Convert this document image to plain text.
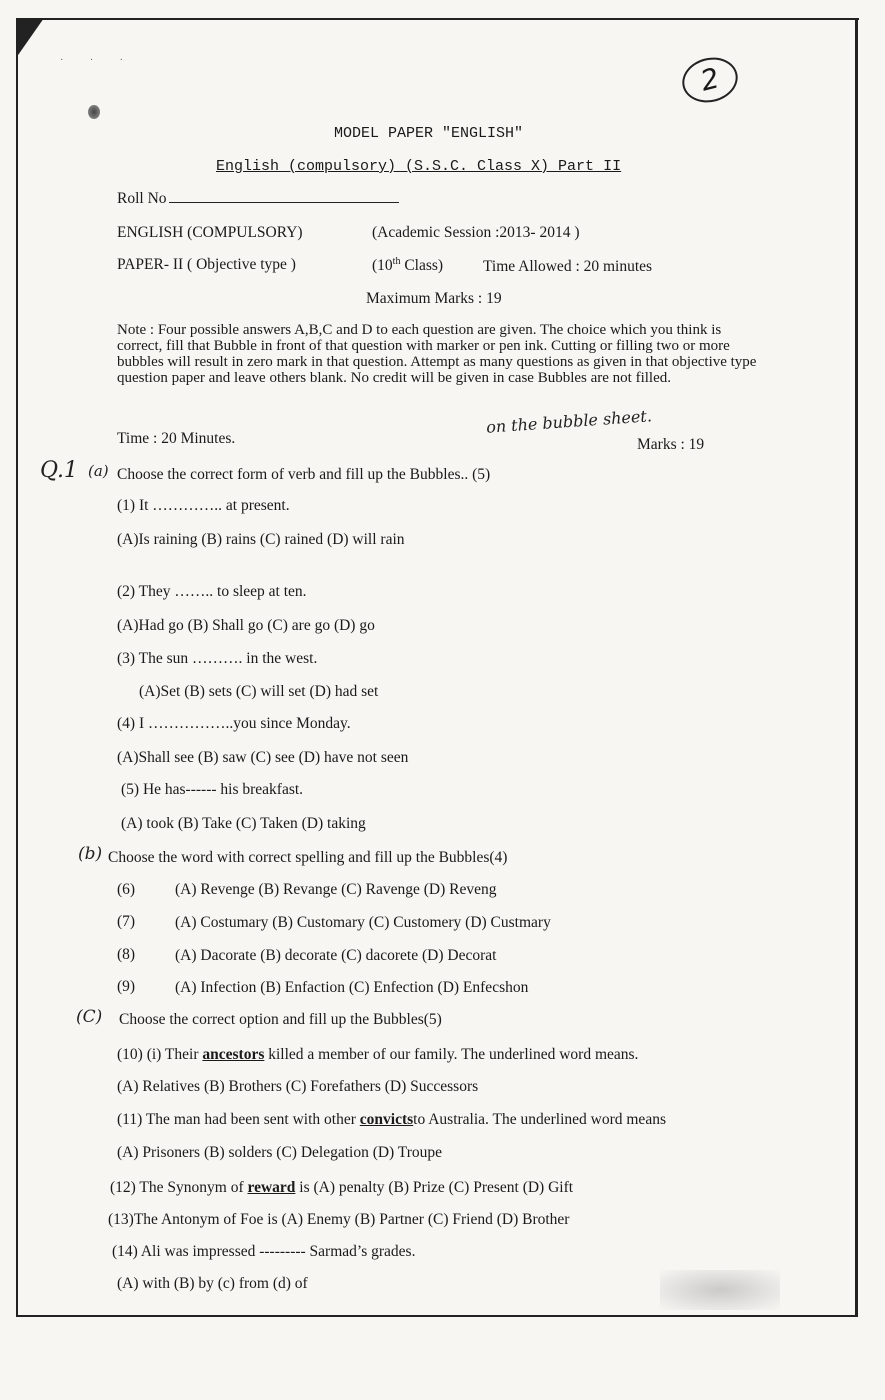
· · ·
2
MODEL PAPER "ENGLISH"
English (compulsory) (S.S.C. Class X) Part II
Roll No
ENGLISH (COMPULSORY)	(Academic Session :2013- 2014 )
PAPER- II ( Objective type )	(10th Class)	Time Allowed : 20 minutes
Maximum Marks : 19
Note : Four possible answers A,B,C and D to each question are given. The choice which you think is correct, fill that Bubble in front of that question with marker or pen ink. Cutting or filling two or more bubbles will result in zero mark in that question. Attempt as many questions as given in that objective type question paper and leave others blank. No credit will be given in case Bubbles are not filled.
on the bubble sheet.
Time : 20 Minutes.	Marks : 19
Q.1 (a) Choose the correct form of verb and fill up the Bubbles.. (5)
(1) It ………….. at present.
(A)Is raining (B) rains (C) rained (D) will rain
(2) They …….. to sleep at ten.
(A)Had go (B) Shall go (C) are go (D) go
(3) The sun ………. in the west.
(A)Set (B) sets (C) will set (D) had set
(4) I ……………..you since Monday.
(A)Shall see (B) saw (C) see (D) have not seen
(5) He has------ his breakfast.
(A) took (B) Take (C) Taken (D) taking
(b) Choose the word with correct spelling and fill up the Bubbles(4)
(6)	(A) Revenge (B) Revange (C) Ravenge (D) Reveng
(7)	(A) Costumary (B) Customary (C) Customery (D) Custmary
(8)	(A) Dacorate (B) decorate (C) dacorete (D) Decorat
(9)	(A) Infection (B) Enfaction (C) Enfection (D) Enfecshon
(C) Choose the correct option and fill up the Bubbles(5)
(10) (i) Their ancestors killed a member of our family. The underlined word means.
(A) Relatives (B) Brothers (C) Forefathers (D) Successors
(11) The man had been sent with other convictsto Australia. The underlined word means
(A) Prisoners (B) solders (C) Delegation (D) Troupe
(12) The Synonym of reward is (A) penalty (B) Prize (C) Present (D) Gift
(13)The Antonym of Foe is (A) Enemy (B) Partner (C) Friend (D) Brother
(14) Ali was impressed --------- Sarmad’s grades.
(A) with (B) by (c) from (d) of
